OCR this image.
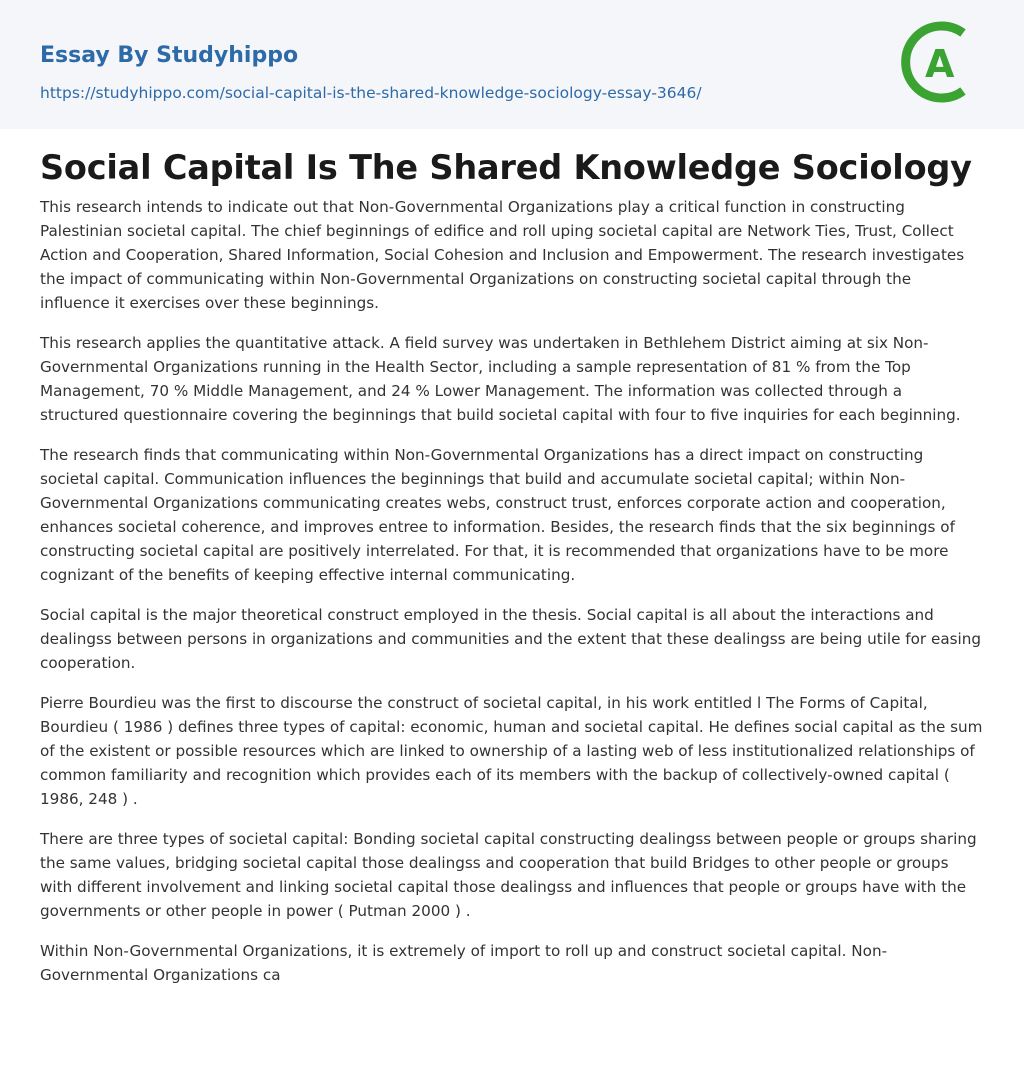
Essay By Studyhippo
https://studyhippo.com/social-capital-is-the-shared-knowledge-sociology-essay-3646/
A
Social Capital Is The Shared Knowledge Sociology

This research intends to indicate out that Non-Governmental Organizations play a critical function in constructing Palestinian societal capital. The chief beginnings of edifice and roll uping societal capital are Network Ties, Trust, Collect Action and Cooperation, Shared Information, Social Cohesion and Inclusion and Empowerment. The research investigates the impact of communicating within Non-Governmental Organizations on constructing societal capital through the influence it exercises over these beginnings.

This research applies the quantitative attack. A field survey was undertaken in Bethlehem District aiming at six Non-Governmental Organizations running in the Health Sector, including a sample representation of 81 % from the Top Management, 70 % Middle Management, and 24 % Lower Management. The information was collected through a structured questionnaire covering the beginnings that build societal capital with four to five inquiries for each beginning.

The research finds that communicating within Non-Governmental Organizations has a direct impact on constructing societal capital. Communication influences the beginnings that build and accumulate societal capital; within Non-Governmental Organizations communicating creates webs, construct trust, enforces corporate action and cooperation, enhances societal coherence, and improves entree to information. Besides, the research finds that the six beginnings of constructing societal capital are positively interrelated. For that, it is recommended that organizations have to be more cognizant of the benefits of keeping effective internal communicating.

Social capital is the major theoretical construct employed in the thesis. Social capital is all about the interactions and dealingss between persons in organizations and communities and the extent that these dealingss are being utile for easing cooperation.

Pierre Bourdieu was the first to discourse the construct of societal capital, in his work entitled l The Forms of Capital, Bourdieu ( 1986 ) defines three types of capital: economic, human and societal capital. He defines social capital as the sum of the existent or possible resources which are linked to ownership of a lasting web of less institutionalized relationships of common familiarity and recognition which provides each of its members with the backup of collectively-owned capital ( 1986, 248 ) .

There are three types of societal capital: Bonding societal capital constructing dealingss between people or groups sharing the same values, bridging societal capital those dealingss and cooperation that build Bridges to other people or groups with different involvement and linking societal capital those dealingss and influences that people or groups have with the governments or other people in power ( Putman 2000 ) .

Within Non-Governmental Organizations, it is extremely of import to roll up and construct societal capital. Non-Governmental Organizations ca
